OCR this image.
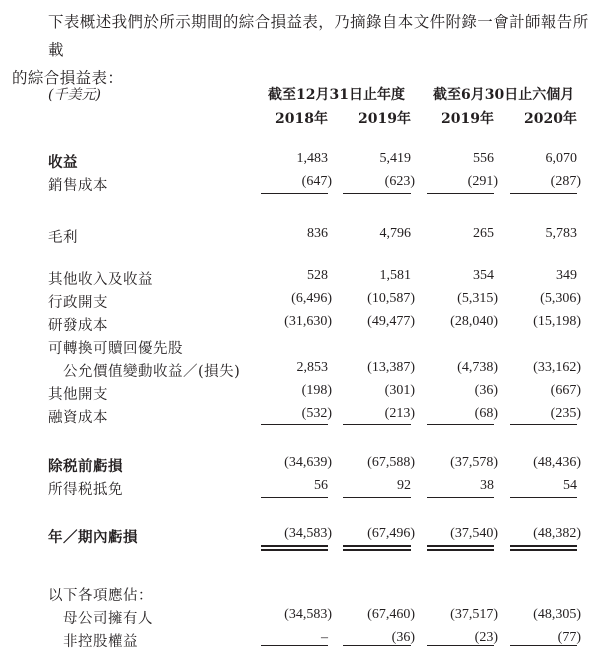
下表概述我們於所示期間的綜合損益表，乃摘錄自本文件附錄一會計師報告所載
的綜合損益表：
(千美元)	截至12月31日止年度 截至6月30日止六個月
2018年 2019年 2019年 2020年
收益	1,483	5,419	556	6,070
銷售成本	(647)	(623)	(291)	(287)
毛利	836	4,796	265	5,783
其他收入及收益	528	1,581	354	349
行政開支	(6,496)	(10,587)	(5,315)	(5,306)
研發成本	(31,630)	(49,477)	(28,040)	(15,198)
可轉換可贖回優先股
公允價值變動收益／(損失)	2,853	(13,387)	(4,738)	(33,162)
其他開支	(198)	(301)	(36)	(667)
融資成本	(532)	(213)	(68)	(235)
除税前虧損	(34,639)	(67,588)	(37,578)	(48,436)
所得税抵免	56	92	38	54
年／期內虧損	(34,583)	(67,496)	(37,540)	(48,382)
以下各項應佔：
母公司擁有人	(34,583)	(67,460)	(37,517)	(48,305)
非控股權益	–	(36)	(23)	(77)
